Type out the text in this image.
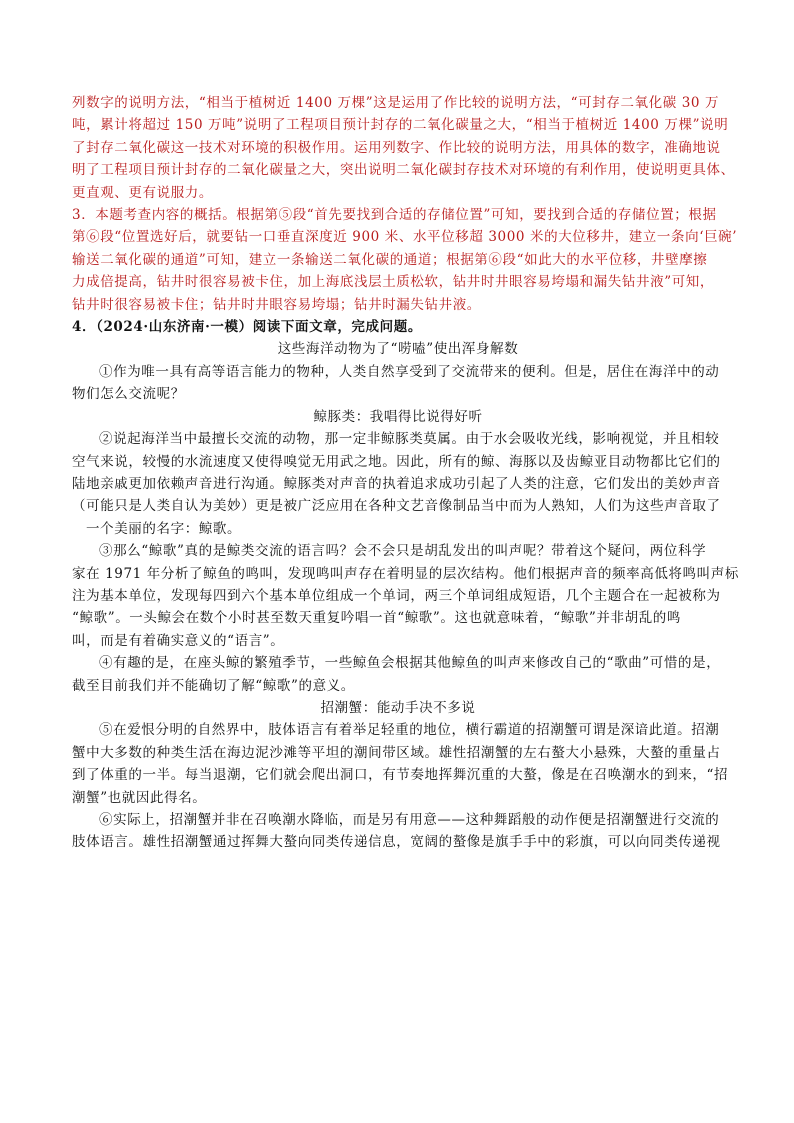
列数字的说明方法，“相当于植树近 1400 万棵”这是运用了作比较的说明方法，“可封存二氧化碳 30 万
吨，累计将超过 150 万吨”说明了工程项目预计封存的二氧化碳量之大，“相当于植树近 1400 万棵”说明
了封存二氧化碳这一技术对环境的积极作用。运用列数字、作比较的说明方法，用具体的数字，准确地说
明了工程项目预计封存的二氧化碳量之大，突出说明二氧化碳封存技术对环境的有利作用，使说明更具体、
更直观、更有说服力。
3．本题考查内容的概括。根据第⑤段“首先要找到合适的存储位置”可知，要找到合适的存储位置；根据
第⑥段“位置选好后，就要钻一口垂直深度近 900 米、水平位移超 3000 米的大位移井，建立一条向‘巨碗’
输送二氧化碳的通道”可知，建立一条输送二氧化碳的通道；根据第⑥段“如此大的水平位移，井壁摩擦
力成倍提高，钻井时很容易被卡住，加上海底浅层土质松软，钻井时井眼容易垮塌和漏失钻井液”可知，
钻井时很容易被卡住；钻井时井眼容易垮塌；钻井时漏失钻井液。
4．（2024·山东济南·一模）阅读下面文章，完成问题。
这些海洋动物为了“唠嗑”使出浑身解数
①作为唯一具有高等语言能力的物种，人类自然享受到了交流带来的便利。但是，居住在海洋中的动
物们怎么交流呢？
鲸豚类：我唱得比说得好听
②说起海洋当中最擅长交流的动物，那一定非鲸豚类莫属。由于水会吸收光线，影响视觉，并且相较
空气来说，较慢的水流速度又使得嗅觉无用武之地。因此，所有的鲸、海豚以及齿鲸亚目动物都比它们的
陆地亲戚更加依赖声音进行沟通。鲸豚类对声音的执着追求成功引起了人类的注意，它们发出的美妙声音
（可能只是人类自认为美妙）更是被广泛应用在各种文艺音像制品当中而为人熟知，人们为这些声音取了
一个美丽的名字：鲸歌。
③那么“鲸歌”真的是鲸类交流的语言吗？会不会只是胡乱发出的叫声呢？带着这个疑问，两位科学
家在 1971 年分析了鲸鱼的鸣叫，发现鸣叫声存在着明显的层次结构。他们根据声音的频率高低将鸣叫声标
注为基本单位，发现每四到六个基本单位组成一个单词，两三个单词组成短语，几个主题合在一起被称为
“鲸歌”。一头鲸会在数个小时甚至数天重复吟唱一首“鲸歌”。这也就意味着，“鲸歌”并非胡乱的鸣
叫，而是有着确实意义的“语言”。
④有趣的是，在座头鲸的繁殖季节，一些鲸鱼会根据其他鲸鱼的叫声来修改自己的“歌曲”可惜的是，
截至目前我们并不能确切了解“鲸歌”的意义。
招潮蟹：能动手决不多说
⑤在爱恨分明的自然界中，肢体语言有着举足轻重的地位，横行霸道的招潮蟹可谓是深谙此道。招潮
蟹中大多数的种类生活在海边泥沙滩等平坦的潮间带区域。雄性招潮蟹的左右螯大小悬殊，大螯的重量占
到了体重的一半。每当退潮，它们就会爬出洞口，有节奏地挥舞沉重的大螯，像是在召唤潮水的到来，“招
潮蟹”也就因此得名。
⑥实际上，招潮蟹并非在召唤潮水降临，而是另有用意——这种舞蹈般的动作便是招潮蟹进行交流的
肢体语言。雄性招潮蟹通过挥舞大螯向同类传递信息，宽阔的螯像是旗手手中的彩旗，可以向同类传递视
